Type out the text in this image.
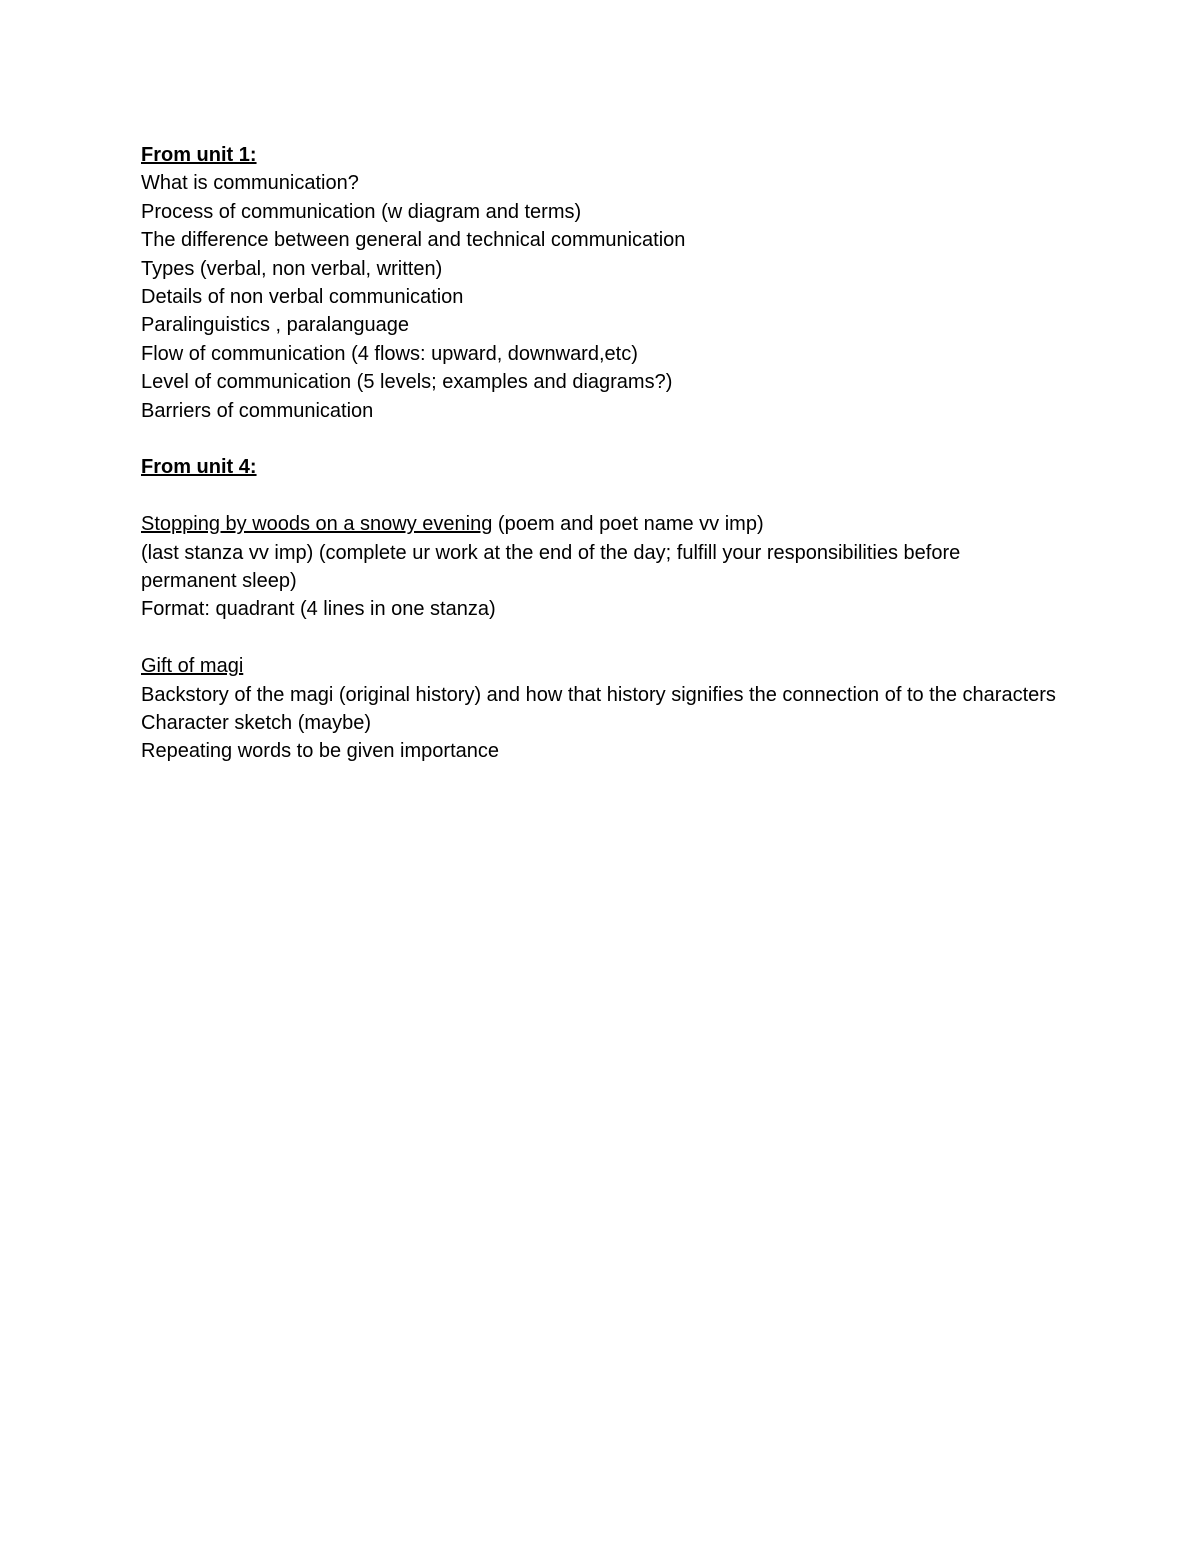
From unit 1:
What is communication?
Process of communication (w diagram and terms)
The difference between general and technical communication
Types (verbal, non verbal, written)
Details of non verbal communication
Paralinguistics , paralanguage
Flow of communication (4 flows: upward, downward,etc)
Level of communication (5 levels; examples and diagrams?)
Barriers of communication
From unit 4:
Stopping by woods on a snowy evening (poem and poet name vv imp)
(last stanza vv imp) (complete ur work at the end of the day; fulfill your responsibilities before permanent sleep)
Format: quadrant (4 lines in one stanza)
Gift of magi
Backstory of the magi (original history) and how that history signifies the connection of to the characters
Character sketch (maybe)
Repeating words to be given importance
